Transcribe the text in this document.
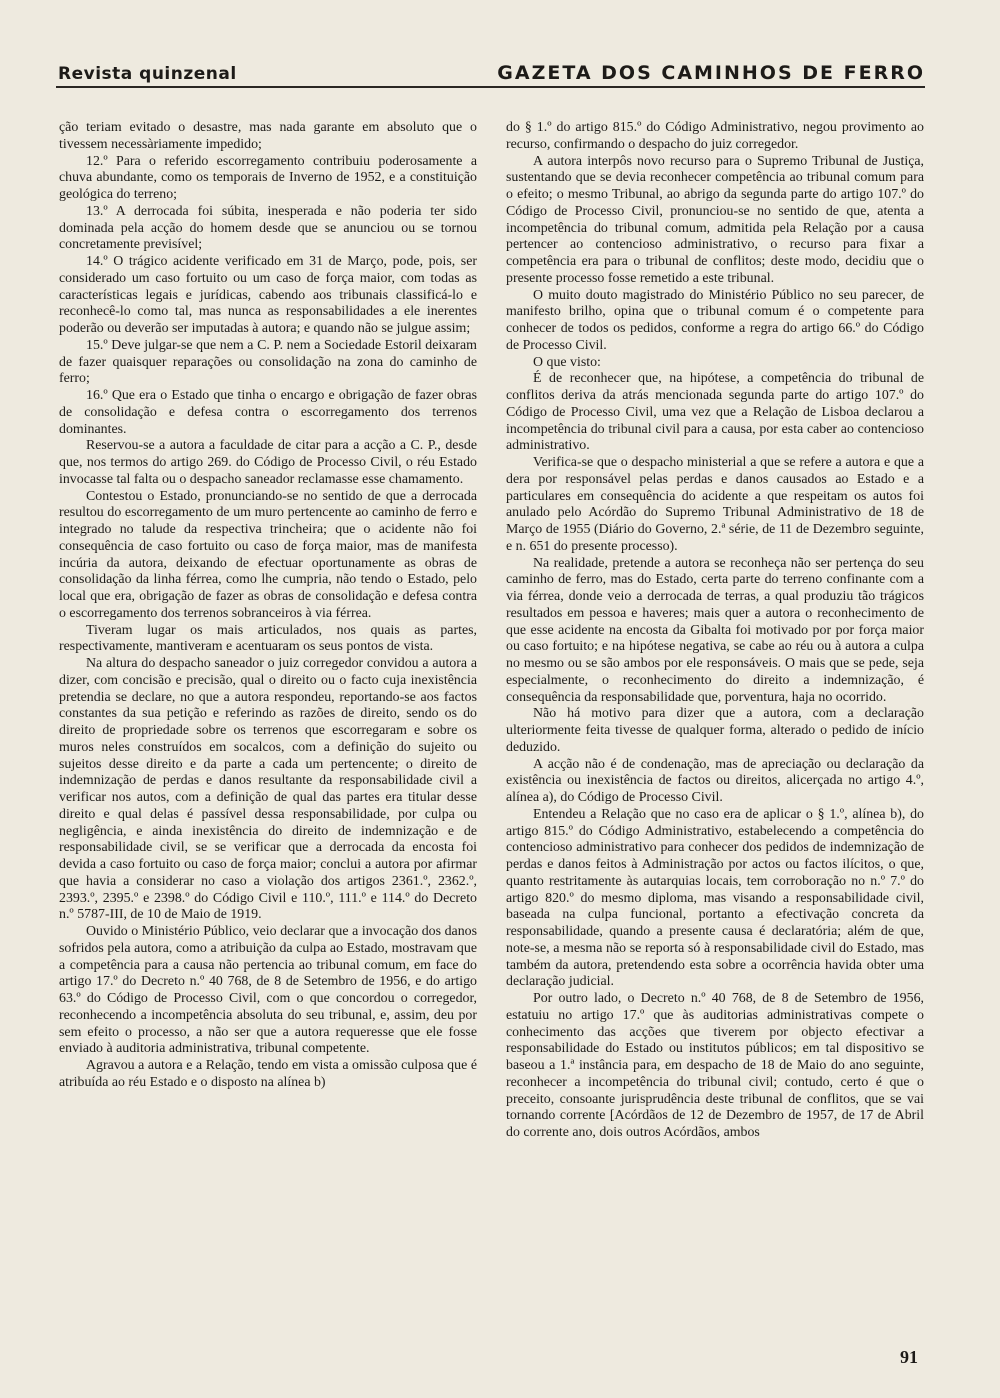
Revista quinzenal	GAZETA DOS CAMINHOS DE FERRO

ção teriam evitado o desastre, mas nada garante em absoluto que o tivessem necessàriamente impedido;

12.º Para o referido escorregamento contribuiu poderosamente a chuva abundante, como os temporais de Inverno de 1952, e a constituição geológica do terreno;

13.º A derrocada foi súbita, inesperada e não poderia ter sido dominada pela acção do homem desde que se anunciou ou se tornou concretamente previsível;

14.º O trágico acidente verificado em 31 de Março, pode, pois, ser considerado um caso fortuito ou um caso de força maior, com todas as características legais e jurídicas, cabendo aos tribunais classificá-lo e reconhecê-lo como tal, mas nunca as responsabilidades a ele inerentes poderão ou deverão ser imputadas à autora; e quando não se julgue assim;

15.º Deve julgar-se que nem a C. P. nem a Sociedade Estoril deixaram de fazer quaisquer reparações ou consolidação na zona do caminho de ferro;

16.º Que era o Estado que tinha o encargo e obrigação de fazer obras de consolidação e defesa contra o escorregamento dos terrenos dominantes.

Reservou-se a autora a faculdade de citar para a acção a C. P., desde que, nos termos do artigo 269. do Código de Processo Civil, o réu Estado invocasse tal falta ou o despacho saneador reclamasse esse chamamento.

Contestou o Estado, pronunciando-se no sentido de que a derrocada resultou do escorregamento de um muro pertencente ao caminho de ferro e integrado no talude da respectiva trincheira; que o acidente não foi consequência de caso fortuito ou caso de força maior, mas de manifesta incúria da autora, deixando de efectuar oportunamente as obras de consolidação da linha férrea, como lhe cumpria, não tendo o Estado, pelo local que era, obrigação de fazer as obras de consolidação e defesa contra o escorregamento dos terrenos sobranceiros à via férrea.

Tiveram lugar os mais articulados, nos quais as partes, respectivamente, mantiveram e acentuaram os seus pontos de vista.

Na altura do despacho saneador o juiz corregedor convidou a autora a dizer, com concisão e precisão, qual o direito ou o facto cuja inexistência pretendia se declare, no que a autora respondeu, reportando-se aos factos constantes da sua petição e referindo as razões de direito, sendo os do direito de propriedade sobre os terrenos que escorregaram e sobre os muros neles construídos em socalcos, com a definição do sujeito ou sujeitos desse direito e da parte a cada um pertencente; o direito de indemnização de perdas e danos resultante da responsabilidade civil a verificar nos autos, com a definição de qual das partes era titular desse direito e qual delas é passível dessa responsabilidade, por culpa ou negligência, e ainda inexistência do direito de indemnização e de responsabilidade civil, se se verificar que a derrocada da encosta foi devida a caso fortuito ou caso de força maior; conclui a autora por afirmar que havia a considerar no caso a violação dos artigos 2361.º, 2362.º, 2393.º, 2395.º e 2398.º do Código Civil e 110.º, 111.º e 114.º do Decreto n.º 5787-III, de 10 de Maio de 1919.

Ouvido o Ministério Público, veio declarar que a invocação dos danos sofridos pela autora, como a atribuição da culpa ao Estado, mostravam que a competência para a causa não pertencia ao tribunal comum, em face do artigo 17.º do Decreto n.º 40 768, de 8 de Setembro de 1956, e do artigo 63.º do Código de Processo Civil, com o que concordou o corregedor, reconhecendo a incompetência absoluta do seu tribunal, e, assim, deu por sem efeito o processo, a não ser que a autora requeresse que ele fosse enviado à auditoria administrativa, tribunal competente.

Agravou a autora e a Relação, tendo em vista a omissão culposa que é atribuída ao réu Estado e o disposto na alínea b)

do § 1.º do artigo 815.º do Código Administrativo, negou provimento ao recurso, confirmando o despacho do juiz corregedor.

A autora interpôs novo recurso para o Supremo Tribunal de Justiça, sustentando que se devia reconhecer competência ao tribunal comum para o efeito; o mesmo Tribunal, ao abrigo da segunda parte do artigo 107.º do Código de Processo Civil, pronunciou-se no sentido de que, atenta a incompetência do tribunal comum, admitida pela Relação por a causa pertencer ao contencioso administrativo, o recurso para fixar a competência era para o tribunal de conflitos; deste modo, decidiu que o presente processo fosse remetido a este tribunal.

O muito douto magistrado do Ministério Público no seu parecer, de manifesto brilho, opina que o tribunal comum é o competente para conhecer de todos os pedidos, conforme a regra do artigo 66.º do Código de Processo Civil.

O que visto:

É de reconhecer que, na hipótese, a competência do tribunal de conflitos deriva da atrás mencionada segunda parte do artigo 107.º do Código de Processo Civil, uma vez que a Relação de Lisboa declarou a incompetência do tribunal civil para a causa, por esta caber ao contencioso administrativo.

Verifica-se que o despacho ministerial a que se refere a autora e que a dera por responsável pelas perdas e danos causados ao Estado e a particulares em consequência do acidente a que respeitam os autos foi anulado pelo Acórdão do Supremo Tribunal Administrativo de 18 de Março de 1955 (Diário do Governo, 2.ª série, de 11 de Dezembro seguinte, e n. 651 do presente processo).

Na realidade, pretende a autora se reconheça não ser pertença do seu caminho de ferro, mas do Estado, certa parte do terreno confinante com a via férrea, donde veio a derrocada de terras, a qual produziu tão trágicos resultados em pessoa e haveres; mais quer a autora o reconhecimento de que esse acidente na encosta da Gibalta foi motivado por por força maior ou caso fortuito; e na hipótese negativa, se cabe ao réu ou à autora a culpa no mesmo ou se são ambos por ele responsáveis. O mais que se pede, seja especialmente, o reconhecimento do direito a indemnização, é consequência da responsabilidade que, porventura, haja no ocorrido.

Não há motivo para dizer que a autora, com a declaração ulteriormente feita tivesse de qualquer forma, alterado o pedido de início deduzido.

A acção não é de condenação, mas de apreciação ou declaração da existência ou inexistência de factos ou direitos, alicerçada no artigo 4.º, alínea a), do Código de Processo Civil.

Entendeu a Relação que no caso era de aplicar o § 1.º, alínea b), do artigo 815.º do Código Administrativo, estabelecendo a competência do contencioso administrativo para conhecer dos pedidos de indemnização de perdas e danos feitos à Administração por actos ou factos ilícitos, o que, quanto restritamente às autarquias locais, tem corroboração no n.º 7.º do artigo 820.º do mesmo diploma, mas visando a responsabilidade civil, baseada na culpa funcional, portanto a efectivação concreta da responsabilidade, quando a presente causa é declaratória; além de que, note-se, a mesma não se reporta só à responsabilidade civil do Estado, mas também da autora, pretendendo esta sobre a ocorrência havida obter uma declaração judicial.

Por outro lado, o Decreto n.º 40 768, de 8 de Setembro de 1956, estatuiu no artigo 17.º que às auditorias administrativas compete o conhecimento das acções que tiverem por objecto efectivar a responsabilidade do Estado ou institutos públicos; em tal dispositivo se baseou a 1.ª instância para, em despacho de 18 de Maio do ano seguinte, reconhecer a incompetência do tribunal civil; contudo, certo é que o preceito, consoante jurisprudência deste tribunal de conflitos, que se vai tornando corrente [Acórdãos de 12 de Dezembro de 1957, de 17 de Abril do corrente ano, dois outros Acórdãos, ambos

91
